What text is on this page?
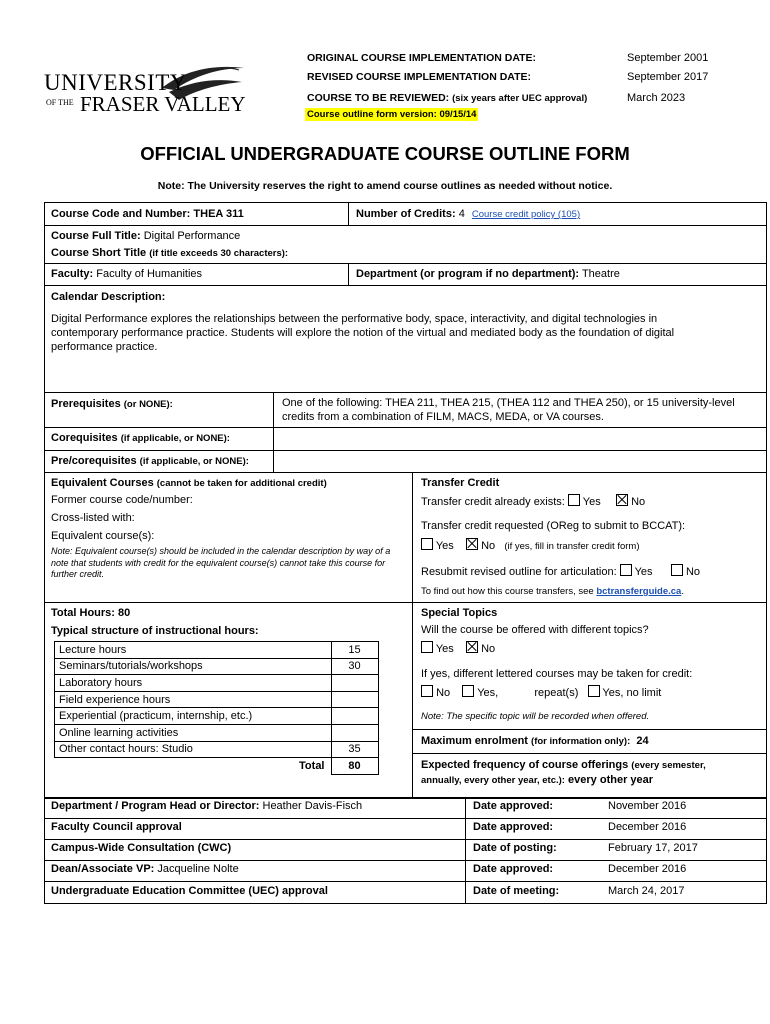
UNIVERSITY
OF THE FRASER VALLEY
ORIGINAL COURSE IMPLEMENTATION DATE:	September 2001
REVISED COURSE IMPLEMENTATION DATE:	September 2017
COURSE TO BE REVIEWED: (six years after UEC approval)	March 2023
Course outline form version: 09/15/14
OFFICIAL UNDERGRADUATE COURSE OUTLINE FORM
Note: The University reserves the right to amend course outlines as needed without notice.
Course Code and Number: THEA 311	Number of Credits: 4 Course credit policy (105)
Course Full Title: Digital Performance
Course Short Title (if title exceeds 30 characters):
Faculty: Faculty of Humanities	Department (or program if no department): Theatre
Calendar Description:
Digital Performance explores the relationships between the performative body, space, interactivity, and digital technologies in contemporary performance practice. Students will explore the notion of the virtual and mediated body as the foundation of digital performance practice.
Prerequisites (or NONE):	One of the following: THEA 211, THEA 215, (THEA 112 and THEA 250), or 15 university-level credits from a combination of FILM, MACS, MEDA, or VA courses.
Corequisites (if applicable, or NONE):
Pre/corequisites (if applicable, or NONE):
Equivalent Courses (cannot be taken for additional credit)
Former course code/number:
Cross-listed with:
Equivalent course(s):
Note: Equivalent course(s) should be included in the calendar description by way of a note that students with credit for the equivalent course(s) cannot take this course for further credit.
Transfer Credit
Transfer credit already exists: Yes	No
Transfer credit requested (OReg to submit to BCCAT):
Yes No (if yes, fill in transfer credit form)
Resubmit revised outline for articulation: Yes	No
To find out how this course transfers, see bctransferguide.ca.
Total Hours: 80
Typical structure of instructional hours:
Lecture hours	15
Seminars/tutorials/workshops	30
Laboratory hours	
Field experience hours	
Experiential (practicum, internship, etc.)	
Online learning activities	
Other contact hours: Studio	35
Total	80
Special Topics
Will the course be offered with different topics?
Yes No
If yes, different lettered courses may be taken for credit:
No Yes,	repeat(s) Yes, no limit
Note: The specific topic will be recorded when offered.
Maximum enrolment (for information only): 24
Expected frequency of course offerings (every semester,
annually, every other year, etc.): every other year
Department / Program Head or Director: Heather Davis-Fisch	Date approved:	November 2016
Faculty Council approval	Date approved:	December 2016
Campus-Wide Consultation (CWC)	Date of posting:	February 17, 2017
Dean/Associate VP: Jacqueline Nolte	Date approved:	December 2016
Undergraduate Education Committee (UEC) approval	Date of meeting:	March 24, 2017
